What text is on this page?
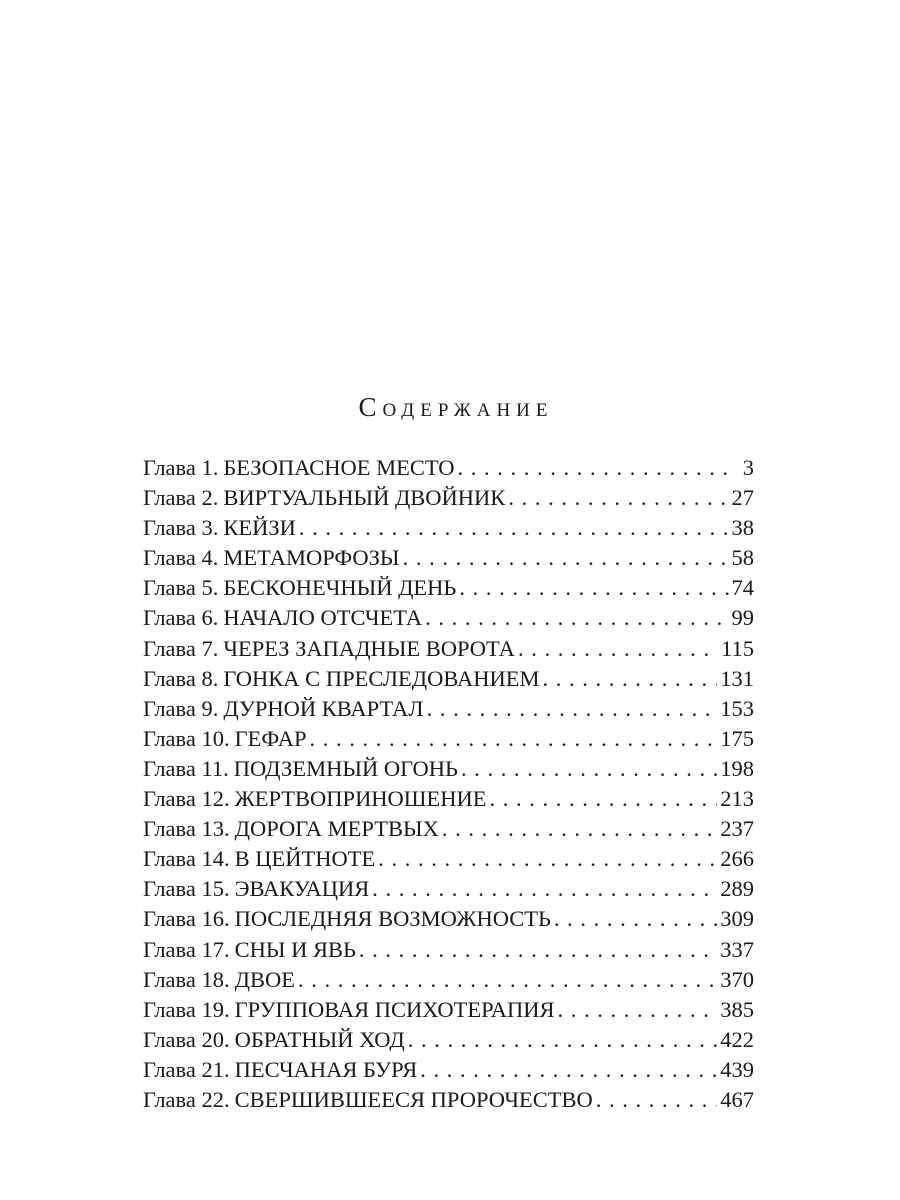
Содержание
Глава 1. БЕЗОПАСНОЕ МЕСТО . . .	3
Глава 2. ВИРТУАЛЬНЫЙ ДВОЙНИК . . .	27
Глава 3. КЕЙЗИ . . .	38
Глава 4. МЕТАМОРФОЗЫ . . .	58
Глава 5. БЕСКОНЕЧНЫЙ ДЕНЬ . . .	74
Глава 6. НАЧАЛО ОТСЧЕТА . . .	99
Глава 7. ЧЕРЕЗ ЗАПАДНЫЕ ВОРОТА . . .	115
Глава 8. ГОНКА С ПРЕСЛЕДОВАНИЕМ . . .	131
Глава 9. ДУРНОЙ КВАРТАЛ . . .	153
Глава 10. ГЕФАР . . .	175
Глава 11. ПОДЗЕМНЫЙ ОГОНЬ . . .	198
Глава 12. ЖЕРТВОПРИНОШЕНИЕ . . .	213
Глава 13. ДОРОГА МЕРТВЫХ . . .	237
Глава 14. В ЦЕЙТНОТЕ . . .	266
Глава 15. ЭВАКУАЦИЯ . . .	289
Глава 16. ПОСЛЕДНЯЯ ВОЗМОЖНОСТЬ . . .	309
Глава 17. СНЫ И ЯВЬ . . .	337
Глава 18. ДВОЕ . . .	370
Глава 19. ГРУППОВАЯ ПСИХОТЕРАПИЯ . . .	385
Глава 20. ОБРАТНЫЙ ХОД . . .	422
Глава 21. ПЕСЧАНАЯ БУРЯ . . .	439
Глава 22. СВЕРШИВШЕЕСЯ ПРОРОЧЕСТВО . . .	467
